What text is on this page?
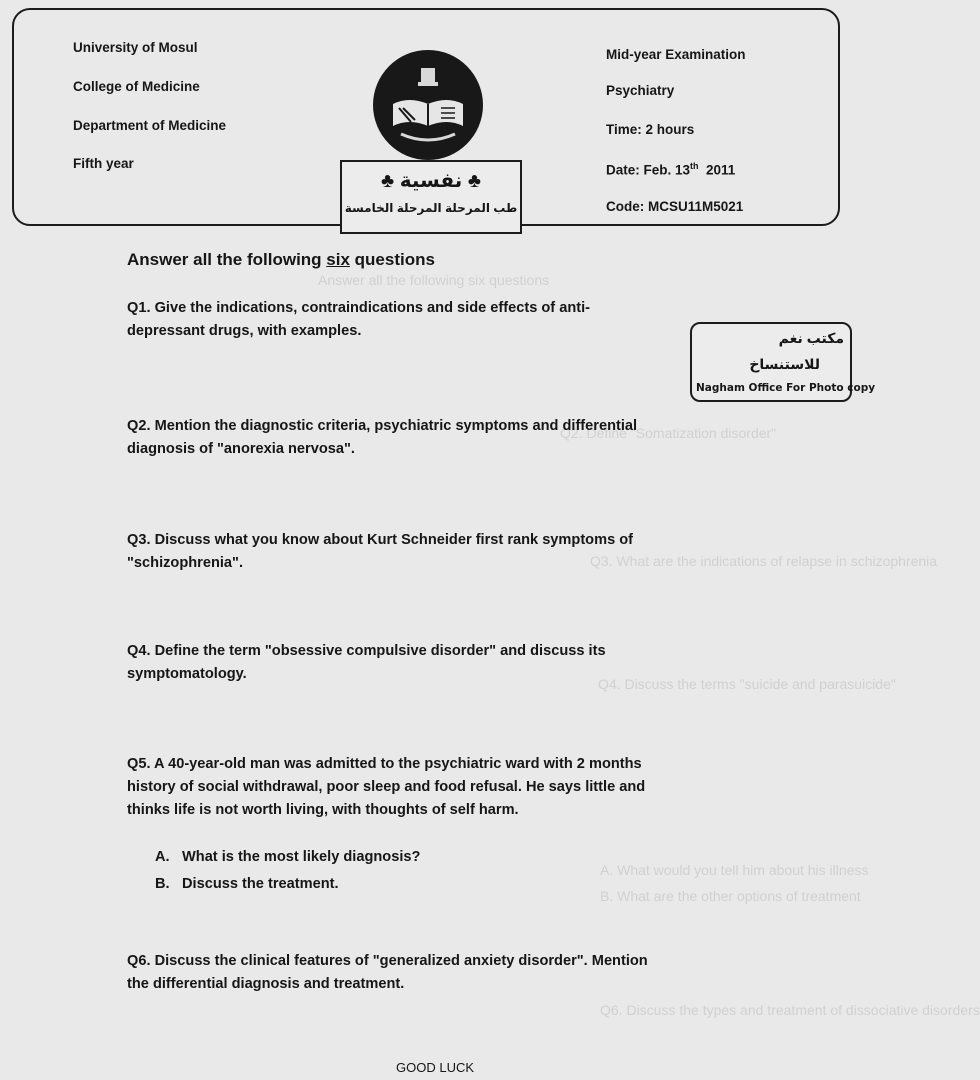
Answer all the following six questions
Q2. Define "Somatization disorder"
Q3. What are the indications of relapse in schizophrenia
Q4. Discuss the terms "suicide and parasuicide"
A. What would you tell him about his illness
B. What are the other options of treatment
Q6. Discuss the types and treatment of dissociative disorders
University of Mosul
College of Medicine
Department of Medicine
Fifth year
Mid-year Examination
Psychiatry
Time: 2 hours
Date: Feb. 13th  2011
Code: MCSU11M5021
♣ نفسية ♣
طب المرحلة المرحلة الخامسة
مكتب نغم
للاستنساخ
Nagham Office For Photo copy
Answer all the following six questions
Q1. Give the indications, contraindications and side effects of anti-
depressant drugs, with examples.
Q2. Mention the diagnostic criteria, psychiatric symptoms and differential
diagnosis of "anorexia nervosa".
Q3. Discuss what you know about Kurt Schneider first rank symptoms of
"schizophrenia".
Q4. Define the term "obsessive compulsive disorder" and discuss its
symptomatology.
Q5. A 40-year-old man was admitted to the psychiatric ward with 2 months
history of social withdrawal, poor sleep and food refusal. He says little and
thinks life is not worth living, with thoughts of self harm.
A. What is the most likely diagnosis?
B. Discuss the treatment.
Q6. Discuss the clinical features of "generalized anxiety disorder". Mention
the differential diagnosis and treatment.
GOOD LUCK
